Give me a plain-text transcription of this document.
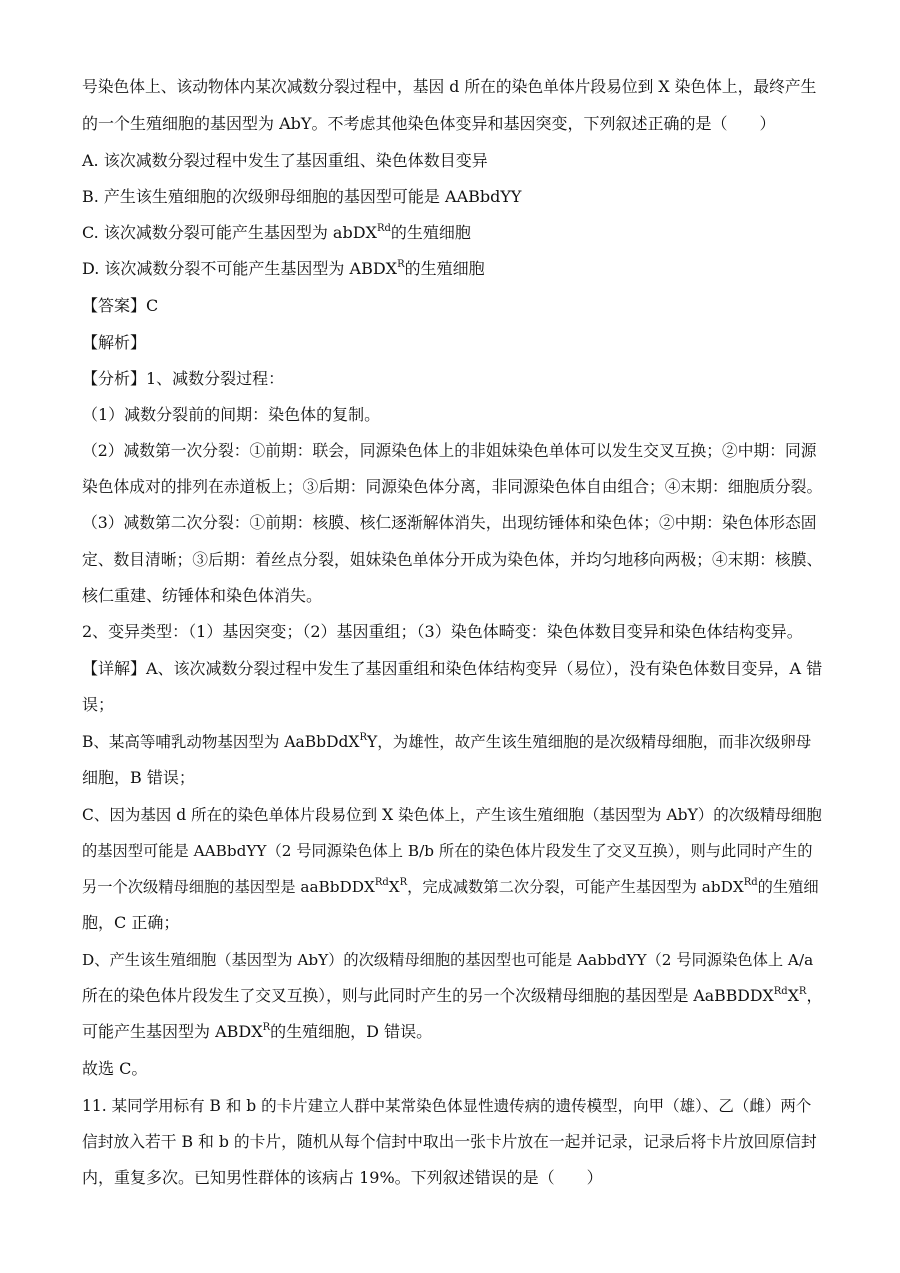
号染色体上、该动物体内某次减数分裂过程中，基因 d 所在的染色单体片段易位到 X 染色体上，最终产生
的一个生殖细胞的基因型为 AbY。不考虑其他染色体变异和基因突变，下列叙述正确的是（　　）
A. 该次减数分裂过程中发生了基因重组、染色体数目变异
B. 产生该生殖细胞的次级卵母细胞的基因型可能是 AABbdYY
C. 该次减数分裂可能产生基因型为 abDX$^{Rd}$的生殖细胞
D. 该次减数分裂不可能产生基因型为 $ABDX^R$的生殖细胞
【答案】C
【解析】
【分析】1、减数分裂过程：
（1）减数分裂前的间期：染色体的复制。
（2）减数第一次分裂：①前期：联会，同源染色体上的非姐妹染色单体可以发生交叉互换；②中期：同源
染色体成对的排列在赤道板上；③后期：同源染色体分离，非同源染色体自由组合；④末期：细胞质分裂。
（3）减数第二次分裂：①前期：核膜、核仁逐渐解体消失，出现纺锤体和染色体；②中期：染色体形态固
定、数目清晰；③后期：着丝点分裂，姐妹染色单体分开成为染色体，并均匀地移向两极；④末期：核膜、
核仁重建、纺锤体和染色体消失。
2、变异类型：（1）基因突变；（2）基因重组；（3）染色体畸变：染色体数目变异和染色体结构变异。
【详解】A、该次减数分裂过程中发生了基因重组和染色体结构变异（易位），没有染色体数目变异，A 错
误；
B、某高等哺乳动物基因型为 AaBbDdX$^R$Y，为雄性，故产生该生殖细胞的是次级精母细胞，而非次级卵母
细胞，B 错误；
C、因为基因 d 所在的染色单体片段易位到 X 染色体上，产生该生殖细胞（基因型为 AbY）的次级精母细胞
的基因型可能是 AABbdYY（2 号同源染色体上 B/b 所在的染色体片段发生了交叉互换），则与此同时产生的
另一个次级精母细胞的基因型是 $aaBbDDX^{Rd}X^R$，完成减数第二次分裂，可能产生基因型为 abDX$^{Rd}$的生殖细
胞，C 正确；
D、产生该生殖细胞（基因型为 AbY）的次级精母细胞的基因型也可能是 AabbdYY（2 号同源染色体上 A/a
所在的染色体片段发生了交叉互换），则与此同时产生的另一个次级精母细胞的基因型是 $AaBBDDX^{Rd}X^R$，
可能产生基因型为 $ABDX^R$的生殖细胞，D 错误。
故选 C。
11. 某同学用标有 B 和 b 的卡片建立人群中某常染色体显性遗传病的遗传模型，向甲（雄）、乙（雌）两个
信封放入若干 B 和 b 的卡片，随机从每个信封中取出一张卡片放在一起并记录，记录后将卡片放回原信封
内，重复多次。已知男性群体的该病占 19%。下列叙述错误的是（　　）
